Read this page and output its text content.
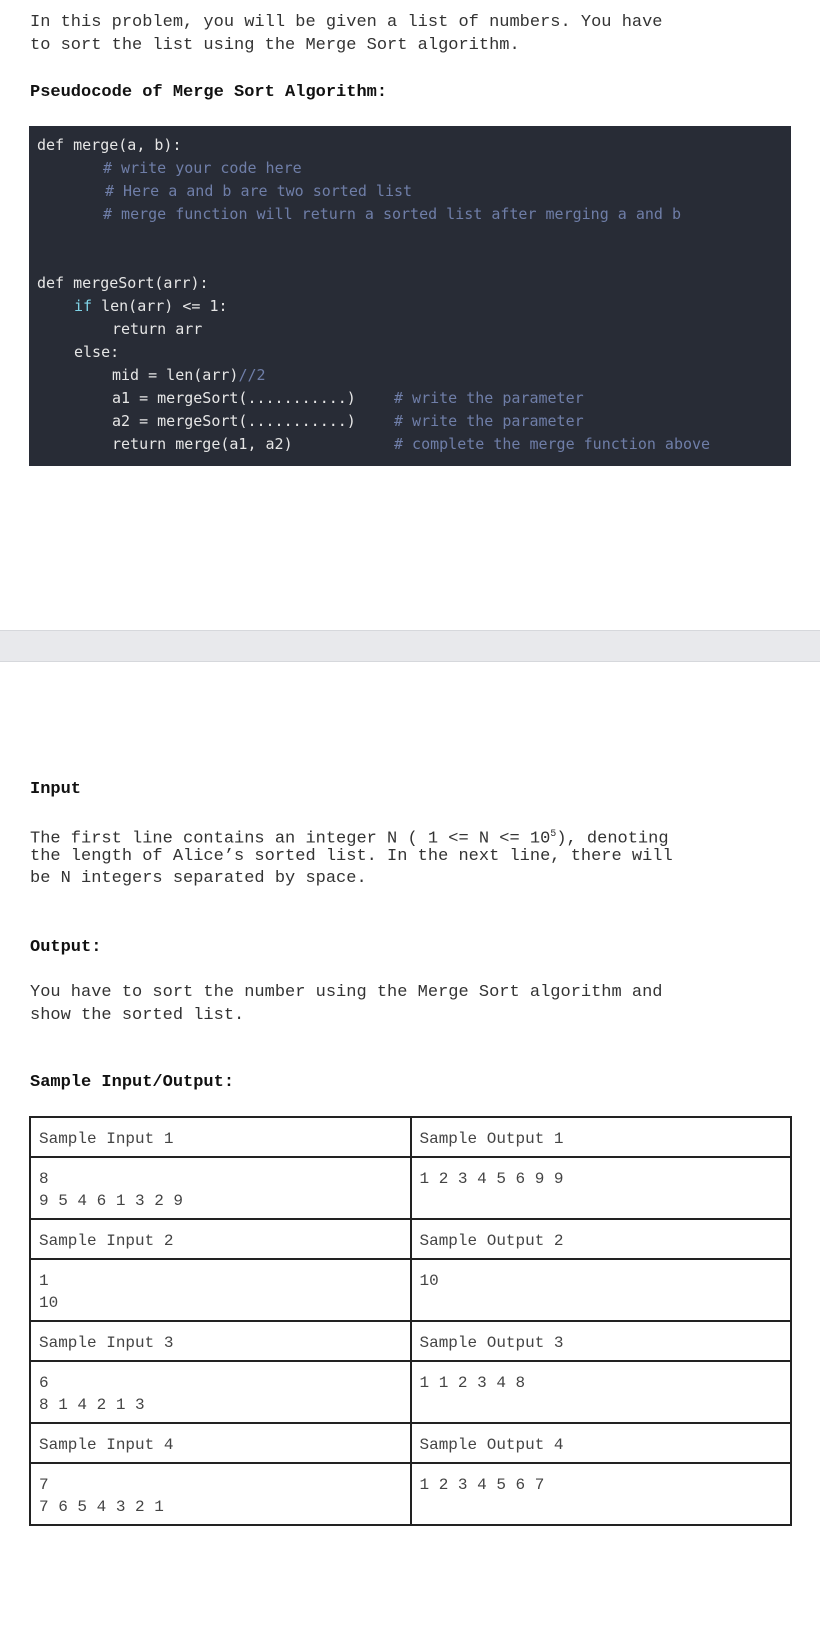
In this problem, you will be given a list of numbers. You have
to sort the list using the Merge Sort algorithm.
Pseudocode of Merge Sort Algorithm:
def merge(a, b):
# write your code here
# Here a and b are two sorted list
# merge function will return a sorted list after merging a and b
def mergeSort(arr):
if len(arr) <= 1:
return arr
else:
mid = len(arr)//2
a1 = mergeSort(...........)	# write the parameter
a2 = mergeSort(...........)	# write the parameter
return merge(a1, a2)	# complete the merge function above
Input
The first line contains an integer N ( $1 <= N <= 10^5$), denoting
the length of Alice’s sorted list. In the next line, there will
be N integers separated by space.
Output:
You have to sort the number using the Merge Sort algorithm and
show the sorted list.
Sample Input/Output:
Sample Input 1	Sample Output 1

8
9 5 4 6 1 3 2 9	1 2 3 4 5 6 9 9
Sample Input 2	Sample Output 2

1
10	10
Sample Input 3	Sample Output 3

6
8 1 4 2 1 3	1 1 2 3 4 8
Sample Input 4	Sample Output 4

7
7 6 5 4 3 2 1	1 2 3 4 5 6 7
